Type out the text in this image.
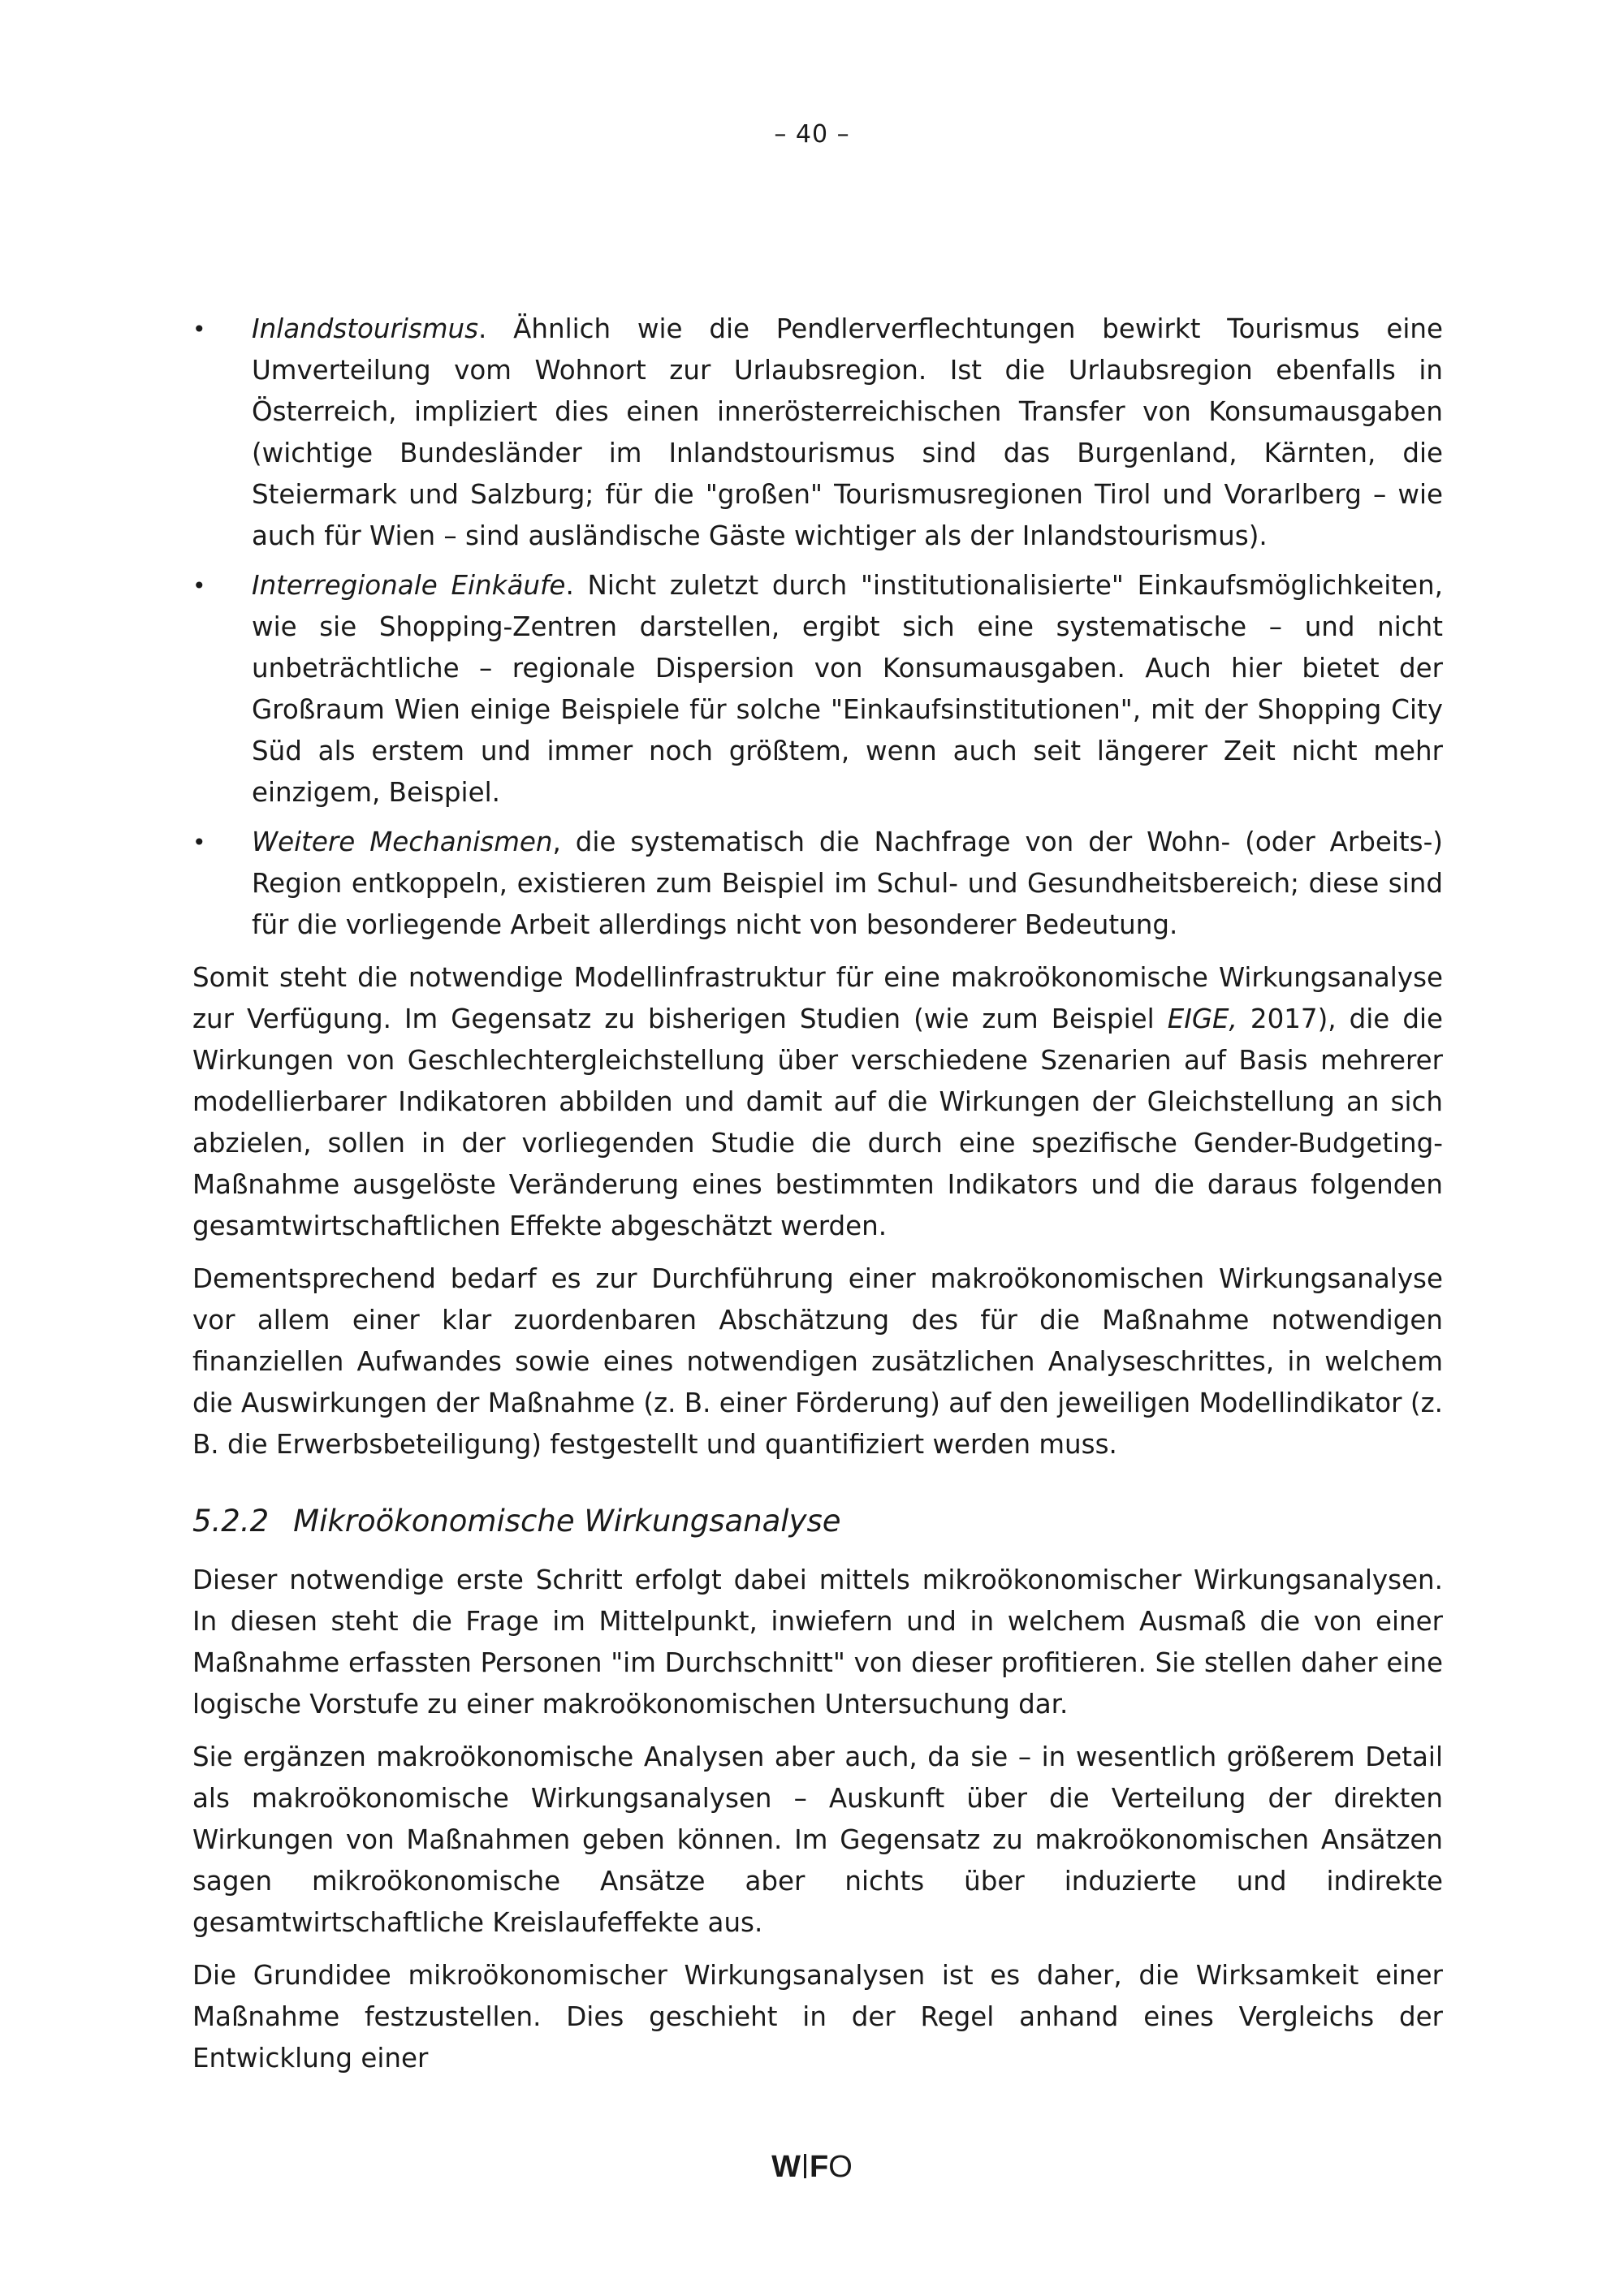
– 40 –
• Inlandstourismus. Ähnlich wie die Pendlerverflechtungen bewirkt Tourismus eine Umverteilung vom Wohnort zur Urlaubsregion. Ist die Urlaubsregion ebenfalls in Österreich, impliziert dies einen innerösterreichischen Transfer von Konsumausgaben (wichtige Bundesländer im Inlandstourismus sind das Burgenland, Kärnten, die Steiermark und Salzburg; für die "großen" Tourismusregionen Tirol und Vorarlberg – wie auch für Wien – sind ausländische Gäste wichtiger als der Inlandstourismus).
• Interregionale Einkäufe. Nicht zuletzt durch "institutionalisierte" Einkaufsmöglichkeiten, wie sie Shopping-Zentren darstellen, ergibt sich eine systematische – und nicht unbeträchtliche – regionale Dispersion von Konsumausgaben. Auch hier bietet der Großraum Wien einige Beispiele für solche "Einkaufsinstitutionen", mit der Shopping City Süd als erstem und immer noch größtem, wenn auch seit längerer Zeit nicht mehr einzigem, Beispiel.
• Weitere Mechanismen, die systematisch die Nachfrage von der Wohn- (oder Arbeits-) Region entkoppeln, existieren zum Beispiel im Schul- und Gesundheitsbereich; diese sind für die vorliegende Arbeit allerdings nicht von besonderer Bedeutung.

Somit steht die notwendige Modellinfrastruktur für eine makroökonomische Wirkungsanalyse zur Verfügung. Im Gegensatz zu bisherigen Studien (wie zum Beispiel EIGE, 2017), die die Wirkungen von Geschlechtergleichstellung über verschiedene Szenarien auf Basis mehrerer modellierbarer Indikatoren abbilden und damit auf die Wirkungen der Gleichstellung an sich abzielen, sollen in der vorliegenden Studie die durch eine spezifische Gender-Budgeting-Maßnahme ausgelöste Veränderung eines bestimmten Indikators und die daraus folgenden gesamtwirtschaftlichen Effekte abgeschätzt werden.

Dementsprechend bedarf es zur Durchführung einer makroökonomischen Wirkungsanalyse vor allem einer klar zuordenbaren Abschätzung des für die Maßnahme notwendigen finanziellen Aufwandes sowie eines notwendigen zusätzlichen Analyseschrittes, in welchem die Auswirkungen der Maßnahme (z. B. einer Förderung) auf den jeweiligen Modellindikator (z. B. die Erwerbsbeteiligung) festgestellt und quantifiziert werden muss.

5.2.2 Mikroökonomische Wirkungsanalyse

Dieser notwendige erste Schritt erfolgt dabei mittels mikroökonomischer Wirkungsanalysen. In diesen steht die Frage im Mittelpunkt, inwiefern und in welchem Ausmaß die von einer Maßnahme erfassten Personen "im Durchschnitt" von dieser profitieren. Sie stellen daher eine logische Vorstufe zu einer makroökonomischen Untersuchung dar.

Sie ergänzen makroökonomische Analysen aber auch, da sie – in wesentlich größerem Detail als makroökonomische Wirkungsanalysen – Auskunft über die Verteilung der direkten Wirkungen von Maßnahmen geben können. Im Gegensatz zu makroökonomischen Ansätzen sagen mikroökonomische Ansätze aber nichts über induzierte und indirekte gesamtwirtschaftliche Kreislaufeffekte aus.

Die Grundidee mikroökonomischer Wirkungsanalysen ist es daher, die Wirksamkeit einer Maßnahme festzustellen. Dies geschieht in der Regel anhand eines Vergleichs der Entwicklung einer

W FO
